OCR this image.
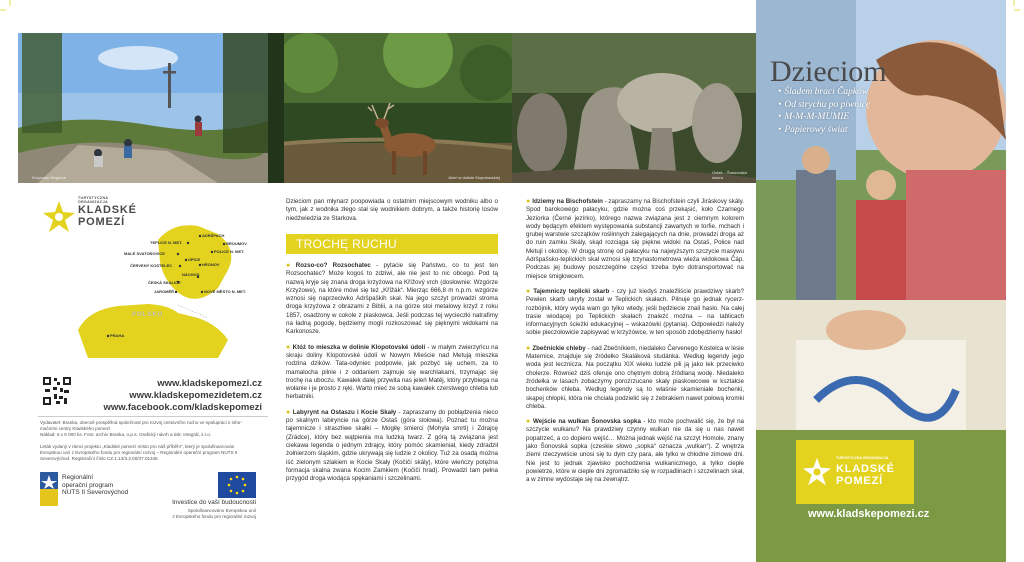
Krzyżowy Wzgórze
TURYSTYCZNA ORGANIZACJA
KLADSKÉ
POMEZÍ
POLSKO
ADRŠPACH
TEPLICE N. MET.	BROUMOV
MALÉ SVATOŇOVICE	POLICE N. MET.
ÚPICE
ČERVENÝ KOSTELEC	HRONOV
NÁCHOD
ČESKÁ SKALICE
JAROMĚŘ	NOVÉ MĚSTO N. MET.
PRAHA
www.kladskepomezi.cz
www.kladskepomezidetem.cz
www.facebook.com/kladskepomezi
Vydavatel: Branka, obecně prospěšná společnost pro rozvoj cestovního ruchu ve spolupráci s infor-
mačními centry Kladského pomezí
Náklad: 5 x 5 000 ks. Foto: archiv Branka, o.p.s. Grafický návrh a tisk: Integrál, s.r.o.
Leták vydaný v rámci projektu „Kladské pomezí místo pro náš příběh!“, který je spolufinancován
Evropskou unií z Evropského fondu pro regionální rozvoj – Regionální operační program NUTS II
Severovýchod. Registrační číslo CZ.1.13/3.2.00/37.01345
Regionální
operační program
NUTS II Severovýchod
Investice do vaší budoucnosti
Spolufinancováno Evropskou unií
z Evropského fondu pro regionální rozvoj
Jeleń w dolinie Klopotowskiej
Dzieciom pan młynarz poopowiada o ostatnim miejscowym wodniku albo o tym, jak z wodnika złego stał się wodnikiem dobrym, a także historię losów niedźwiedzia ze Starkova.
TROCHĘ RUCHU

● Rozso-co? Rozsochatec - pytacie się Państwo, co to jest ten Rozsochatec? Może kogoś to zdziwi, ale nie jest to nic obcego. Pod tą nazwą kryje się znana droga krzyżowa na Křížový vrch (dosłownie: Wzgórze Krzyżowe), na które mówi się też „Křížák“. Mierząc 666,8 m n.p.m. wzgórze wznosi się naprzeciwko Adršpaških skał. Na jego szczyt prowadzi stroma droga krzyżowa z obrazami z Biblii, a na górze stoi metalowy krzyż z roku 1857, osadzony w cokole z piaskowca. Jeśli podczas tej wycieczki natrafimy na ładną pogodę, będziemy mogli rozkoszować się pięknymi widokami na Karkonosze.

● Któż to mieszka w dolinie Klopotovské údolí - w małym zwierzyńcu na skraju doliny Klopotovské údolí w Nowym Mieście nad Metują mieszka rodzina dzików. Tata-odyniec podpowie, jak pozbyć się uchem, za to mamalocha pilnie i z oddaniem zajmuje się warchlakami, trzymając się trochę na uboczu. Kawałek dalej przywita nas jeleń Matěj, który przybiega na wołanie i je prosto z ręki. Warto mieć ze sobą kawałek czerstwego chleba lub herbatniki.

● Labyrynt na Ostaszu i Kocie Skały - zapraszamy do pobłądzenia nieco po skalnym labiryncie na górze Ostaš (góra stołowa). Poznać tu można tajemnicze i straszliwe skałki – Mogiłę śmierci (Mohyla smrti) i Zdrajcę (Zrádce), który bez wątpienia ma ludzką twarz. Z górą tą związana jest ciekawa legenda o jednym zdrajcy, który pomóc skamieniał, kiedy zdradził żołnierzom śląskim, gdzie ukrywają się ludzie z okolicy. Tuż za osadą można iść zielonym szlakiem w Kocie Skały (Kočičí skály), które wieńczy potężna formacja skalna zwana Kocim Zamkiem (Kočičí hrad). Prowadzi tam pełna przygód droga wiodąca spękaniami i szczelinami.

Ostaš – Šanovoská dziura

● Idziemy na Bischofstein - zapraszamy na Bischofstein czyli Jiráskovy skály. Spod barokowego pałacyku, gdzie można coś przekąsić, koło Czarnego Jeziorka (Černé jezírko), którego nazwa związana jest z ciemnym kolorem wody będącym efektem występowania substancji zawartych w torfie, mchach i grubej warstwie szczątków roślinnych zalegających na dnie, prowadzi droga aż do ruin zamku Skály, skąd rozciąga się piękne widoki na Ostaš, Police nad Metují i okolicę. W drugą stronę od pałacyku na najwyższym szczycie masywu Adršpašsko-teplickich skał wznosi się trzynastometrowa wieża widokowa Čáp. Podczas jej budowy poszczególne części trzeba było dotransportować na miejsce śmigłowcem.

● Tajemniczy teplicki skarb - czy już kiedyś znaleźliście prawdziwy skarb? Pewien skarb ukryty został w Teplickich skałach. Pilnuje go jednak rycerz-rozbójnik, który wyda wam go tylko wtedy, jeśli będziecie znali hasło. Na całej trasie wiodącej po Teplickich skałach znaleźć można – na tablicach informacyjnych ścieżki edukacyjnej – wskazówki (pytania). Odpowiedzi należy sobie pieczołowicie zapisywać w krzyżówce, w ten sposób zdobędziemy hasło!

● Zbečnickie chleby - nad Zbečníkiem, niedaleko Červenego Kostelca w lesie Maternice, znajduje się źródełko Skaláková studánka. Według legendy jego woda jest lecznicza. Na początku XIX wieku ludzie pili ją jako lek przeciwko cholerze. Również dziś oferuje ono chętnym dobrą źródlaną wodę. Niedaleko źródełka w lasach zobaczymy porozrzucane skały piaskowcowe w kształcie bochenków chleba. Według legendy są to właśnie skamieniałe bochenki, skąpej chłopki, która nie chciała podzielić się z żebrakiem nawet połową kromki chleba.

● Wejście na wulkan Šonovska sopka - kto może pochwalić się, że był na szczycie wulkanu? Na prawdziwy czynny wulkan nie da się u nas nawet popatrzeć, a co dopiero wejść… Można jednak wejść na szczyt Homole, znany jako Šonovská sopka (czeskie słowo „sopka“ oznacza „wulkan“). Z wnętrza ziemi rzeczywiście unosi się tu dym czy para, ale tylko w chłodne zimowe dni. Nie jest to jednak zjawisko pochodzenia wulkanicznego, a tylko ciepłe powietrze, które w ciepłe dni zgromadziło się w rozpadlinach i szczelinach skał, a w zimne wydostaje się na zewnątrz.

Dzieciom
• Śladem braci Čapków
• Od strychu po piwnicę
• M-M-M-MUMIE
• Papierowy świat
TURYSTYCZNA ORGANIZACJA
KLADSKÉ
POMEZÍ
www.kladskepomezi.cz
